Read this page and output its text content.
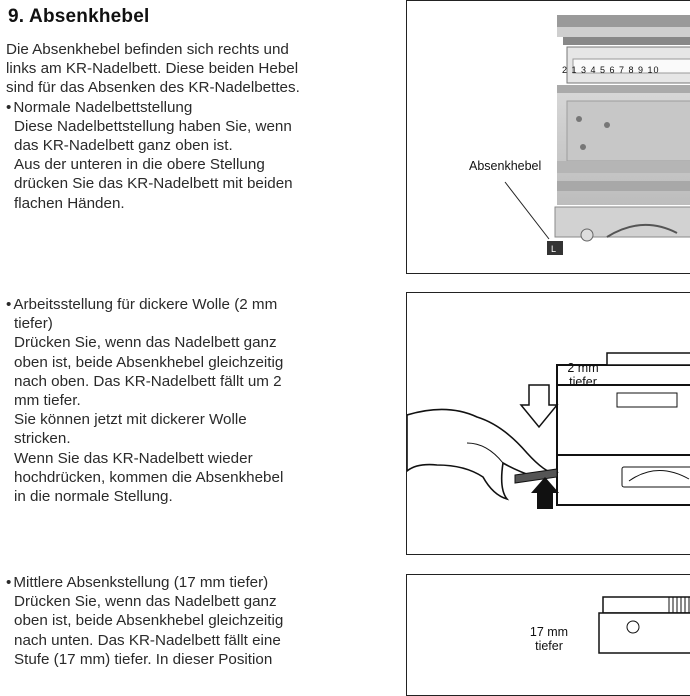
9. Absenkhebel

Die Absenkhebel befinden sich rechts und

links am KR-Nadelbett. Diese beiden Hebel

sind für das Absenken des KR-Nadelbettes.

• Normale Nadelbettstellung

Diese Nadelbettstellung haben Sie, wenn

das KR-Nadelbett ganz oben ist.

Aus der unteren in die obere Stellung

drücken Sie das KR-Nadelbett mit beiden

flachen Händen.

• Arbeitsstellung für dickere Wolle (2 mm

tiefer)

Drücken Sie, wenn das Nadelbett ganz

oben ist, beide Absenkhebel gleichzeitig

nach oben. Das KR-Nadelbett fällt um 2

mm tiefer.

Sie können jetzt mit dickerer Wolle

stricken.

Wenn Sie das KR-Nadelbett wieder

hochdrücken, kommen die Absenkhebel

in die normale Stellung.

• Mittlere Absenkstellung (17 mm tiefer)

Drücken Sie, wenn das Nadelbett ganz

oben ist, beide Absenkhebel gleichzeitig

nach unten. Das KR-Nadelbett fällt eine

Stufe (17 mm) tiefer. In dieser Position

L
2 1 3 4 5 6 7 8 9 10
Absenkhebel
2 mm
tiefer
17 mm
tiefer
